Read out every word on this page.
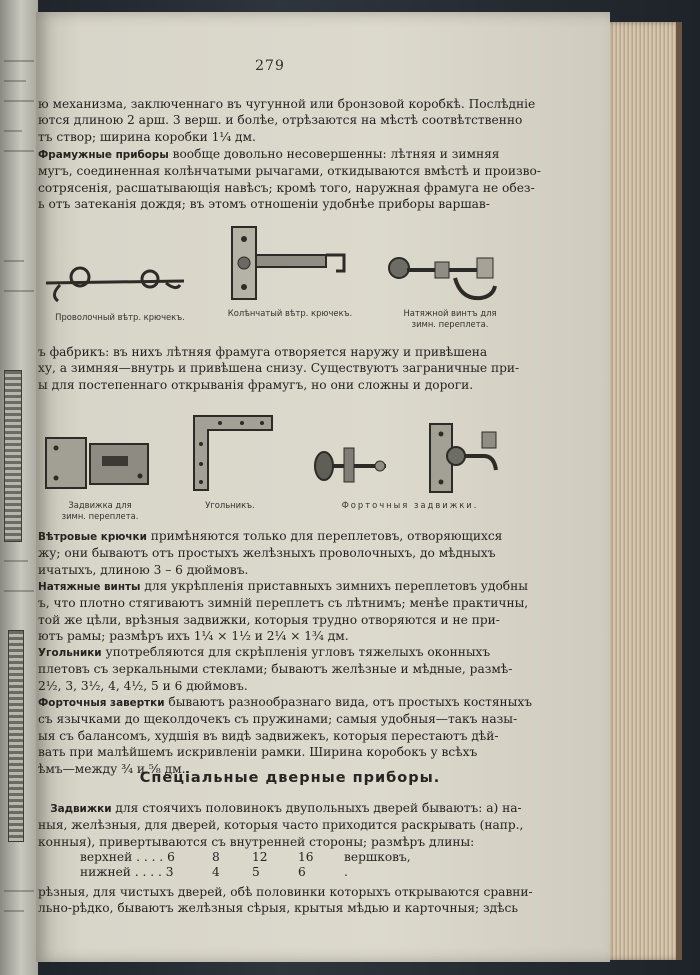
279

ю механизма, заключеннаго въ чугунной или бронзовой коробкѣ. Послѣдніе

ются длиною 2 арш. 3 верш. и болѣе, отрѣзаются на мѣстѣ соотвѣтственно

тъ створ; ширина коробки 1¼ дм.

Фрамужные приборы вообще довольно несовершенны: лѣтняя и зимняя

мугъ, соединенная колѣнчатыми рычагами, откидываются вмѣстѣ и произво-

сотрясенія, расшатывающія навѣсъ; кромѣ того, наружная фрамуга не обез-

ь отъ затеканія дождя; въ этомъ отношеніи удобнѣе приборы варшав-

Проволочный вѣтр. крючекъ.	Колѣнчатый вѣтр. крючекъ.	Натяжной винтъ для
зимн. переплета.

ъ фабрикъ: въ нихъ лѣтняя фрамуга отворяется наружу и привѣшена

ху, а зимняя—внутрь и привѣшена снизу. Существуютъ заграничные при-

ы для постепеннаго открыванія фрамугъ, но они сложны и дороги.

Задвижка для
зимн. переплета.
Угольникъ.	Форточныя задвижки.

Вѣтровые крючки примѣняются только для переплетовъ, отворяющихся

жу; они бываютъ отъ простыхъ желѣзныхъ проволочныхъ, до мѣдныхъ

ичатыхъ, длиною 3 – 6 дюймовъ.

Натяжные винты для укрѣпленія приставныхъ зимнихъ переплетовъ удобны

ъ, что плотно стягиваютъ зимній переплетъ съ лѣтнимъ; менѣе практичны,

той же цѣли, врѣзныя задвижки, которыя трудно отворяются и не при-

ютъ рамы; размѣръ ихъ 1¼ × 1½ и 2¼ × 1¾ дм.

Угольники употребляются для скрѣпленія угловъ тяжелыхъ оконныхъ

плетовъ съ зеркальными стеклами; бываютъ желѣзные и мѣдные, размѣ-

2½, 3, 3½, 4, 4½, 5 и 6 дюймовъ.

Форточныя завертки бываютъ разнообразнаго вида, отъ простыхъ костяныхъ

съ язычками до щеколдочекъ съ пружинами; самыя удобныя—такъ назы-

ыя съ балансомъ, худшія въ видѣ задвижекъ, которыя перестаютъ дѣй-

вать при малѣйшемъ искривленіи рамки. Ширина коробокъ у всѣхъ

ѣмъ—между ¾ и ⁵⁄₈ дм.

Спеціальные дверные приборы.

 Задвижки для стоячихъ половинокъ двупольныхъ дверей бываютъ: а) на-

ныя, желѣзныя, для дверей, которыя часто приходится раскрывать (напр.,

конныя), привертываются съ внутренней стороны; размѣръ длины:

верхней . . . . 6	8	12	16	вершковъ,
нижней . . . . 3	4	5	6	.

рѣзныя, для чистыхъ дверей, обѣ половинки которыхъ открываются сравни-

льно-рѣдко, бываютъ желѣзныя сѣрыя, крытыя мѣдью и карточныя; здѣсь
